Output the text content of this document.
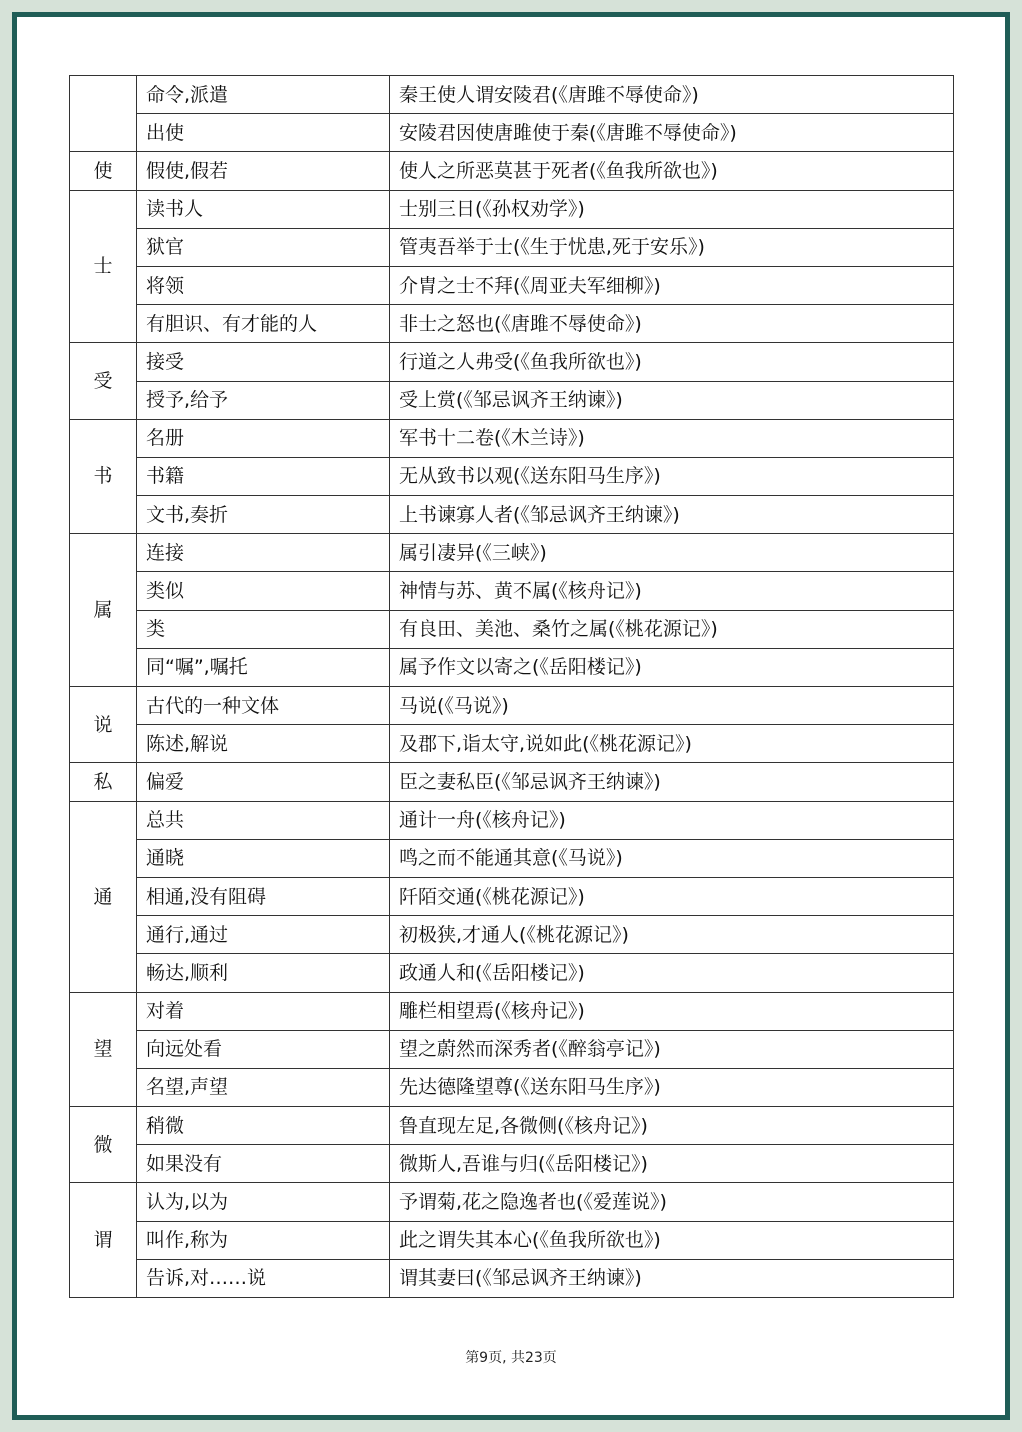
	命令,派遣	秦王使人谓安陵君(《唐雎不辱使命》)
	出使	安陵君因使唐雎使于秦(《唐雎不辱使命》)
使	假使,假若	使人之所恶莫甚于死者(《鱼我所欲也》)
士	读书人	士别三日(《孙权劝学》)
	狱官	管夷吾举于士(《生于忧患,死于安乐》)
	将领	介胄之士不拜(《周亚夫军细柳》)
	有胆识、有才能的人	非士之怒也(《唐雎不辱使命》)
受	接受	行道之人弗受(《鱼我所欲也》)
	授予,给予	受上赏(《邹忌讽齐王纳谏》)
书	名册	军书十二卷(《木兰诗》)
	书籍	无从致书以观(《送东阳马生序》)
	文书,奏折	上书谏寡人者(《邹忌讽齐王纳谏》)
属	连接	属引凄异(《三峡》)
	类似	神情与苏、黄不属(《核舟记》)
	类	有良田、美池、桑竹之属(《桃花源记》)
	同“嘱”,嘱托	属予作文以寄之(《岳阳楼记》)
说	古代的一种文体	马说(《马说》)
	陈述,解说	及郡下,诣太守,说如此(《桃花源记》)
私	偏爱	臣之妻私臣(《邹忌讽齐王纳谏》)
通	总共	通计一舟(《核舟记》)
	通晓	鸣之而不能通其意(《马说》)
	相通,没有阻碍	阡陌交通(《桃花源记》)
	通行,通过	初极狭,才通人(《桃花源记》)
	畅达,顺利	政通人和(《岳阳楼记》)
望	对着	雕栏相望焉(《核舟记》)
	向远处看	望之蔚然而深秀者(《醉翁亭记》)
	名望,声望	先达德隆望尊(《送东阳马生序》)
微	稍微	鲁直现左足,各微侧(《核舟记》)
	如果没有	微斯人,吾谁与归(《岳阳楼记》)
谓	认为,以为	予谓菊,花之隐逸者也(《爱莲说》)
	叫作,称为	此之谓失其本心(《鱼我所欲也》)
	告诉,对……说	谓其妻曰(《邹忌讽齐王纳谏》)
第9页, 共23页
